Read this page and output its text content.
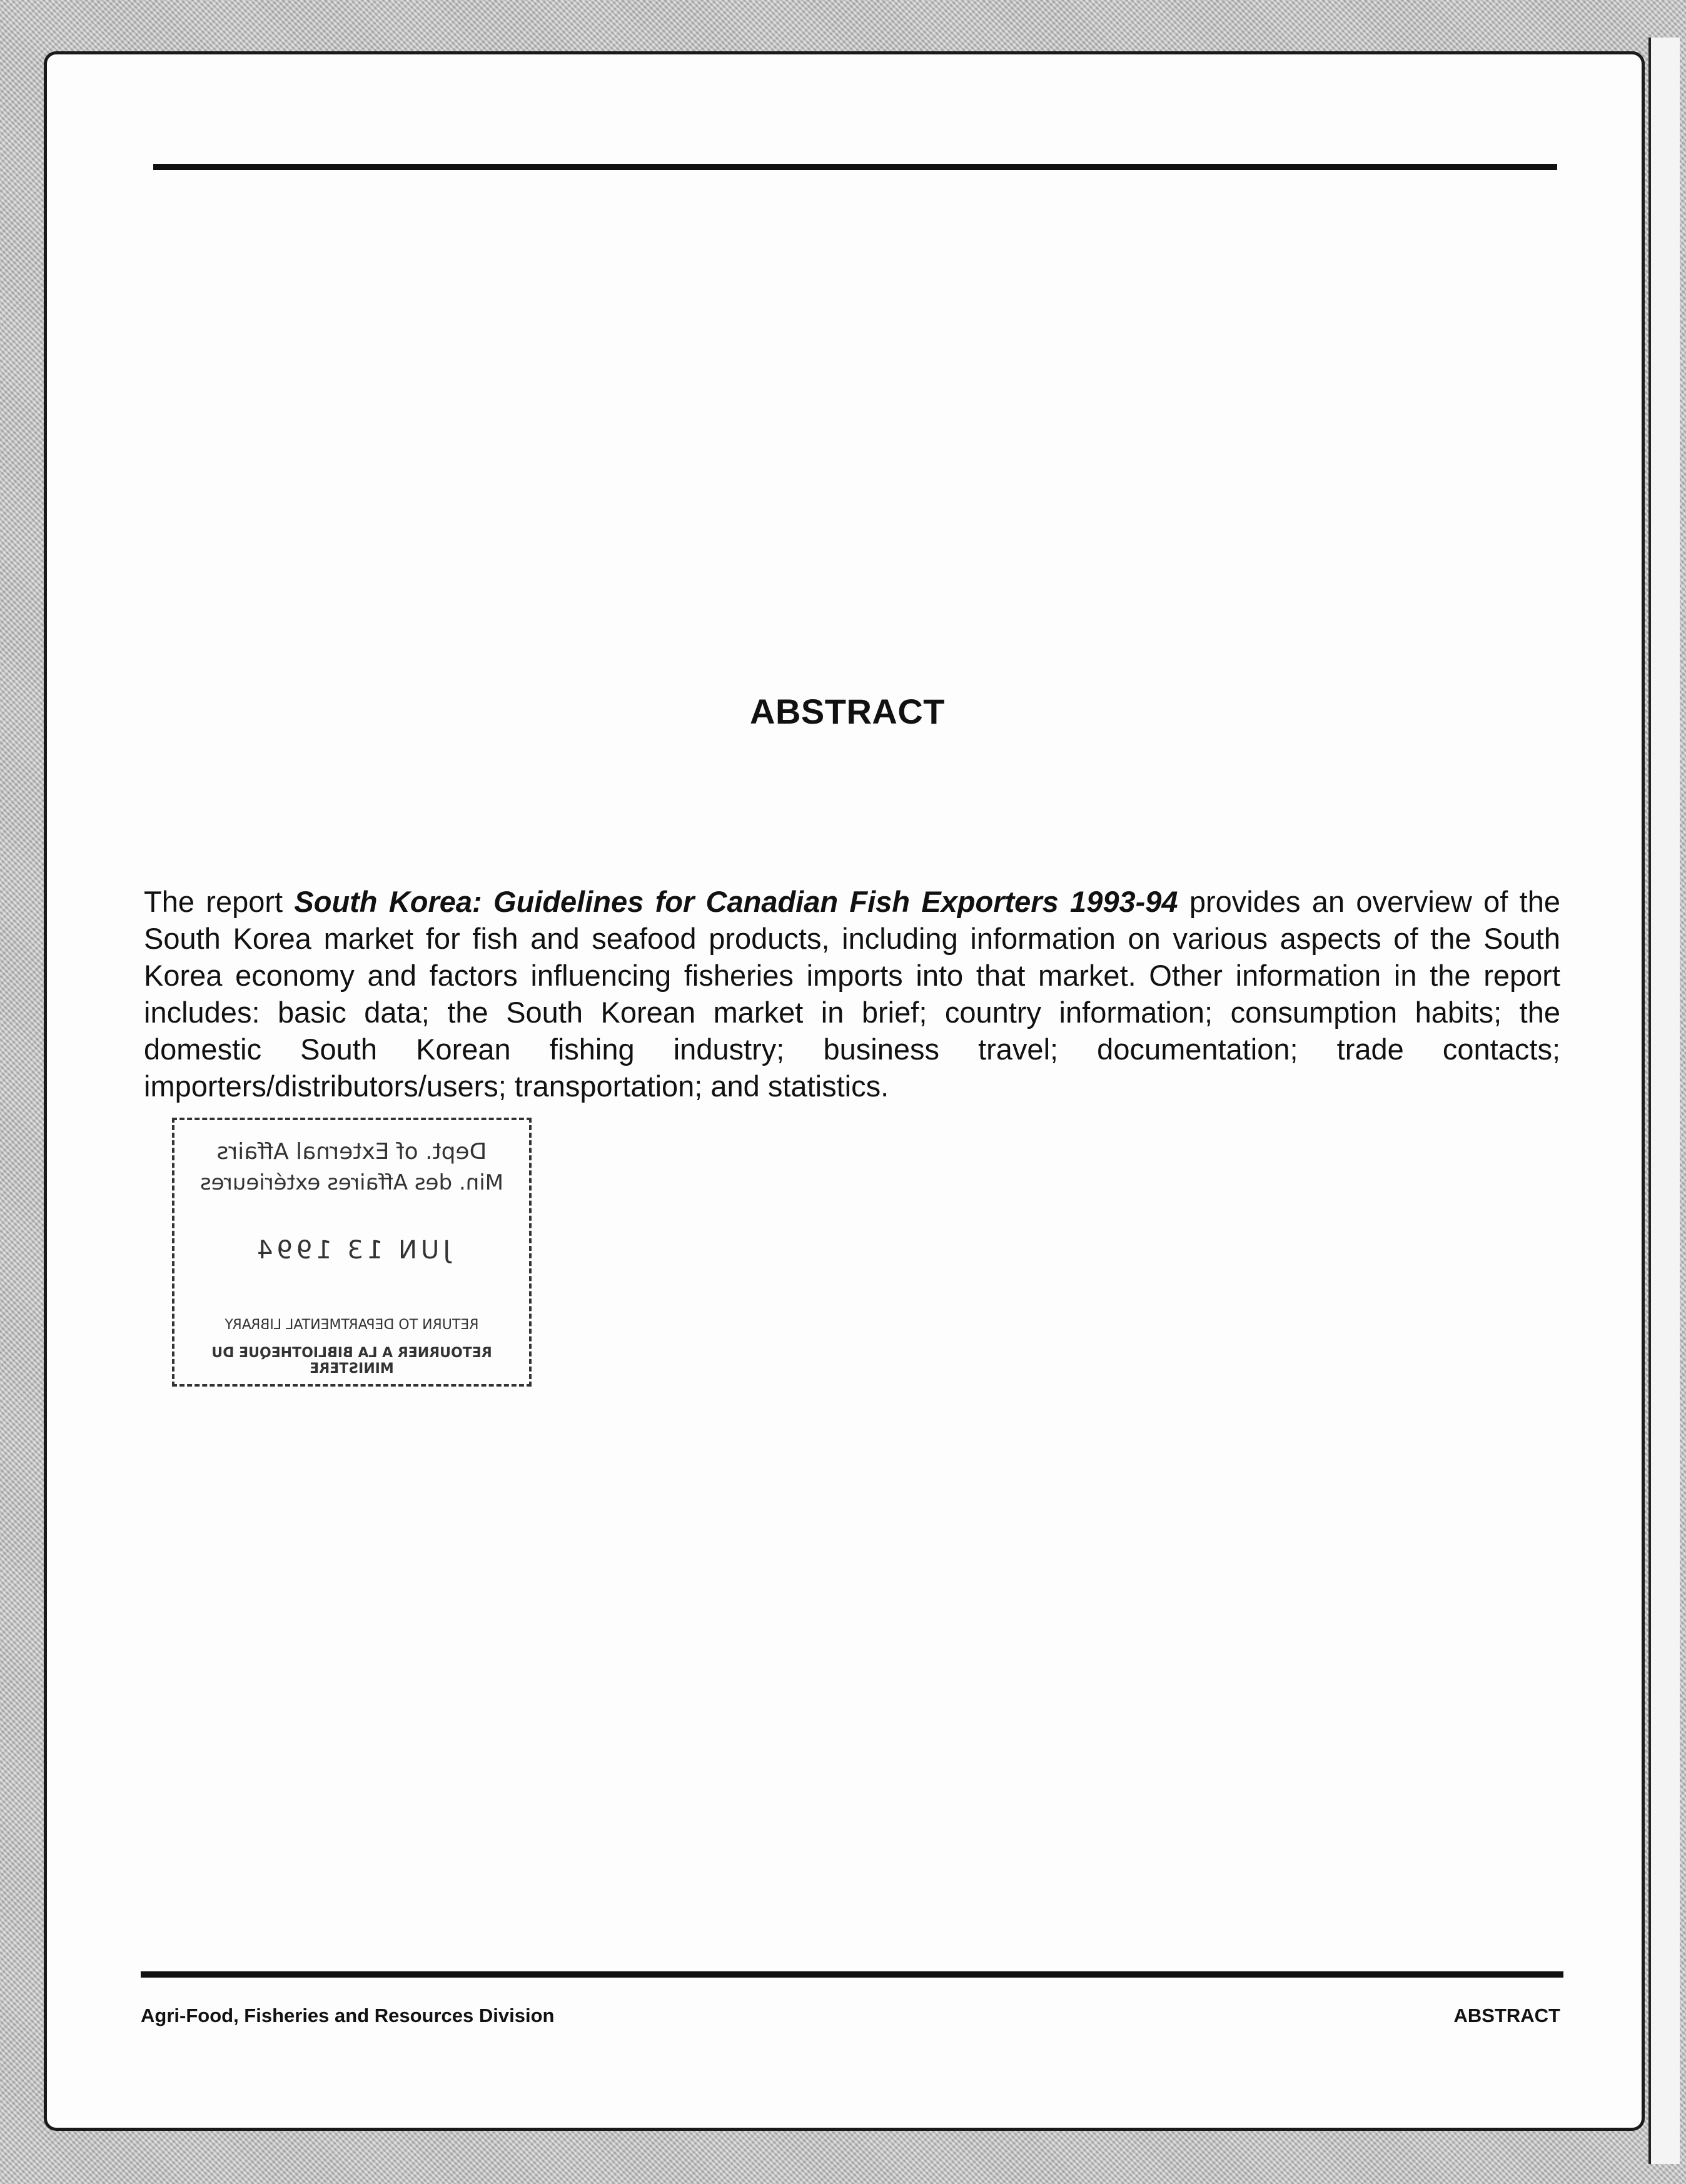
ABSTRACT
The report South Korea: Guidelines for Canadian Fish Exporters 1993-94 provides an overview of the South Korea market for fish and seafood products, including information on various aspects of the South Korea economy and factors influencing fisheries imports into that market. Other information in the report includes: basic data; the South Korean market in brief; country information; consumption habits; the domestic South Korean fishing industry; business travel; documentation; trade contacts; importers/distributors/users; transportation; and statistics.
Dept. of External Affairs
Min. des Affaires extérieures
JUN 13 1994
RETURN TO DEPARTMENTAL LIBRARY
RETOURNER A LA BIBLIOTHEQUE DU MINISTERE
Agri-Food, Fisheries and Resources Division	ABSTRACT
